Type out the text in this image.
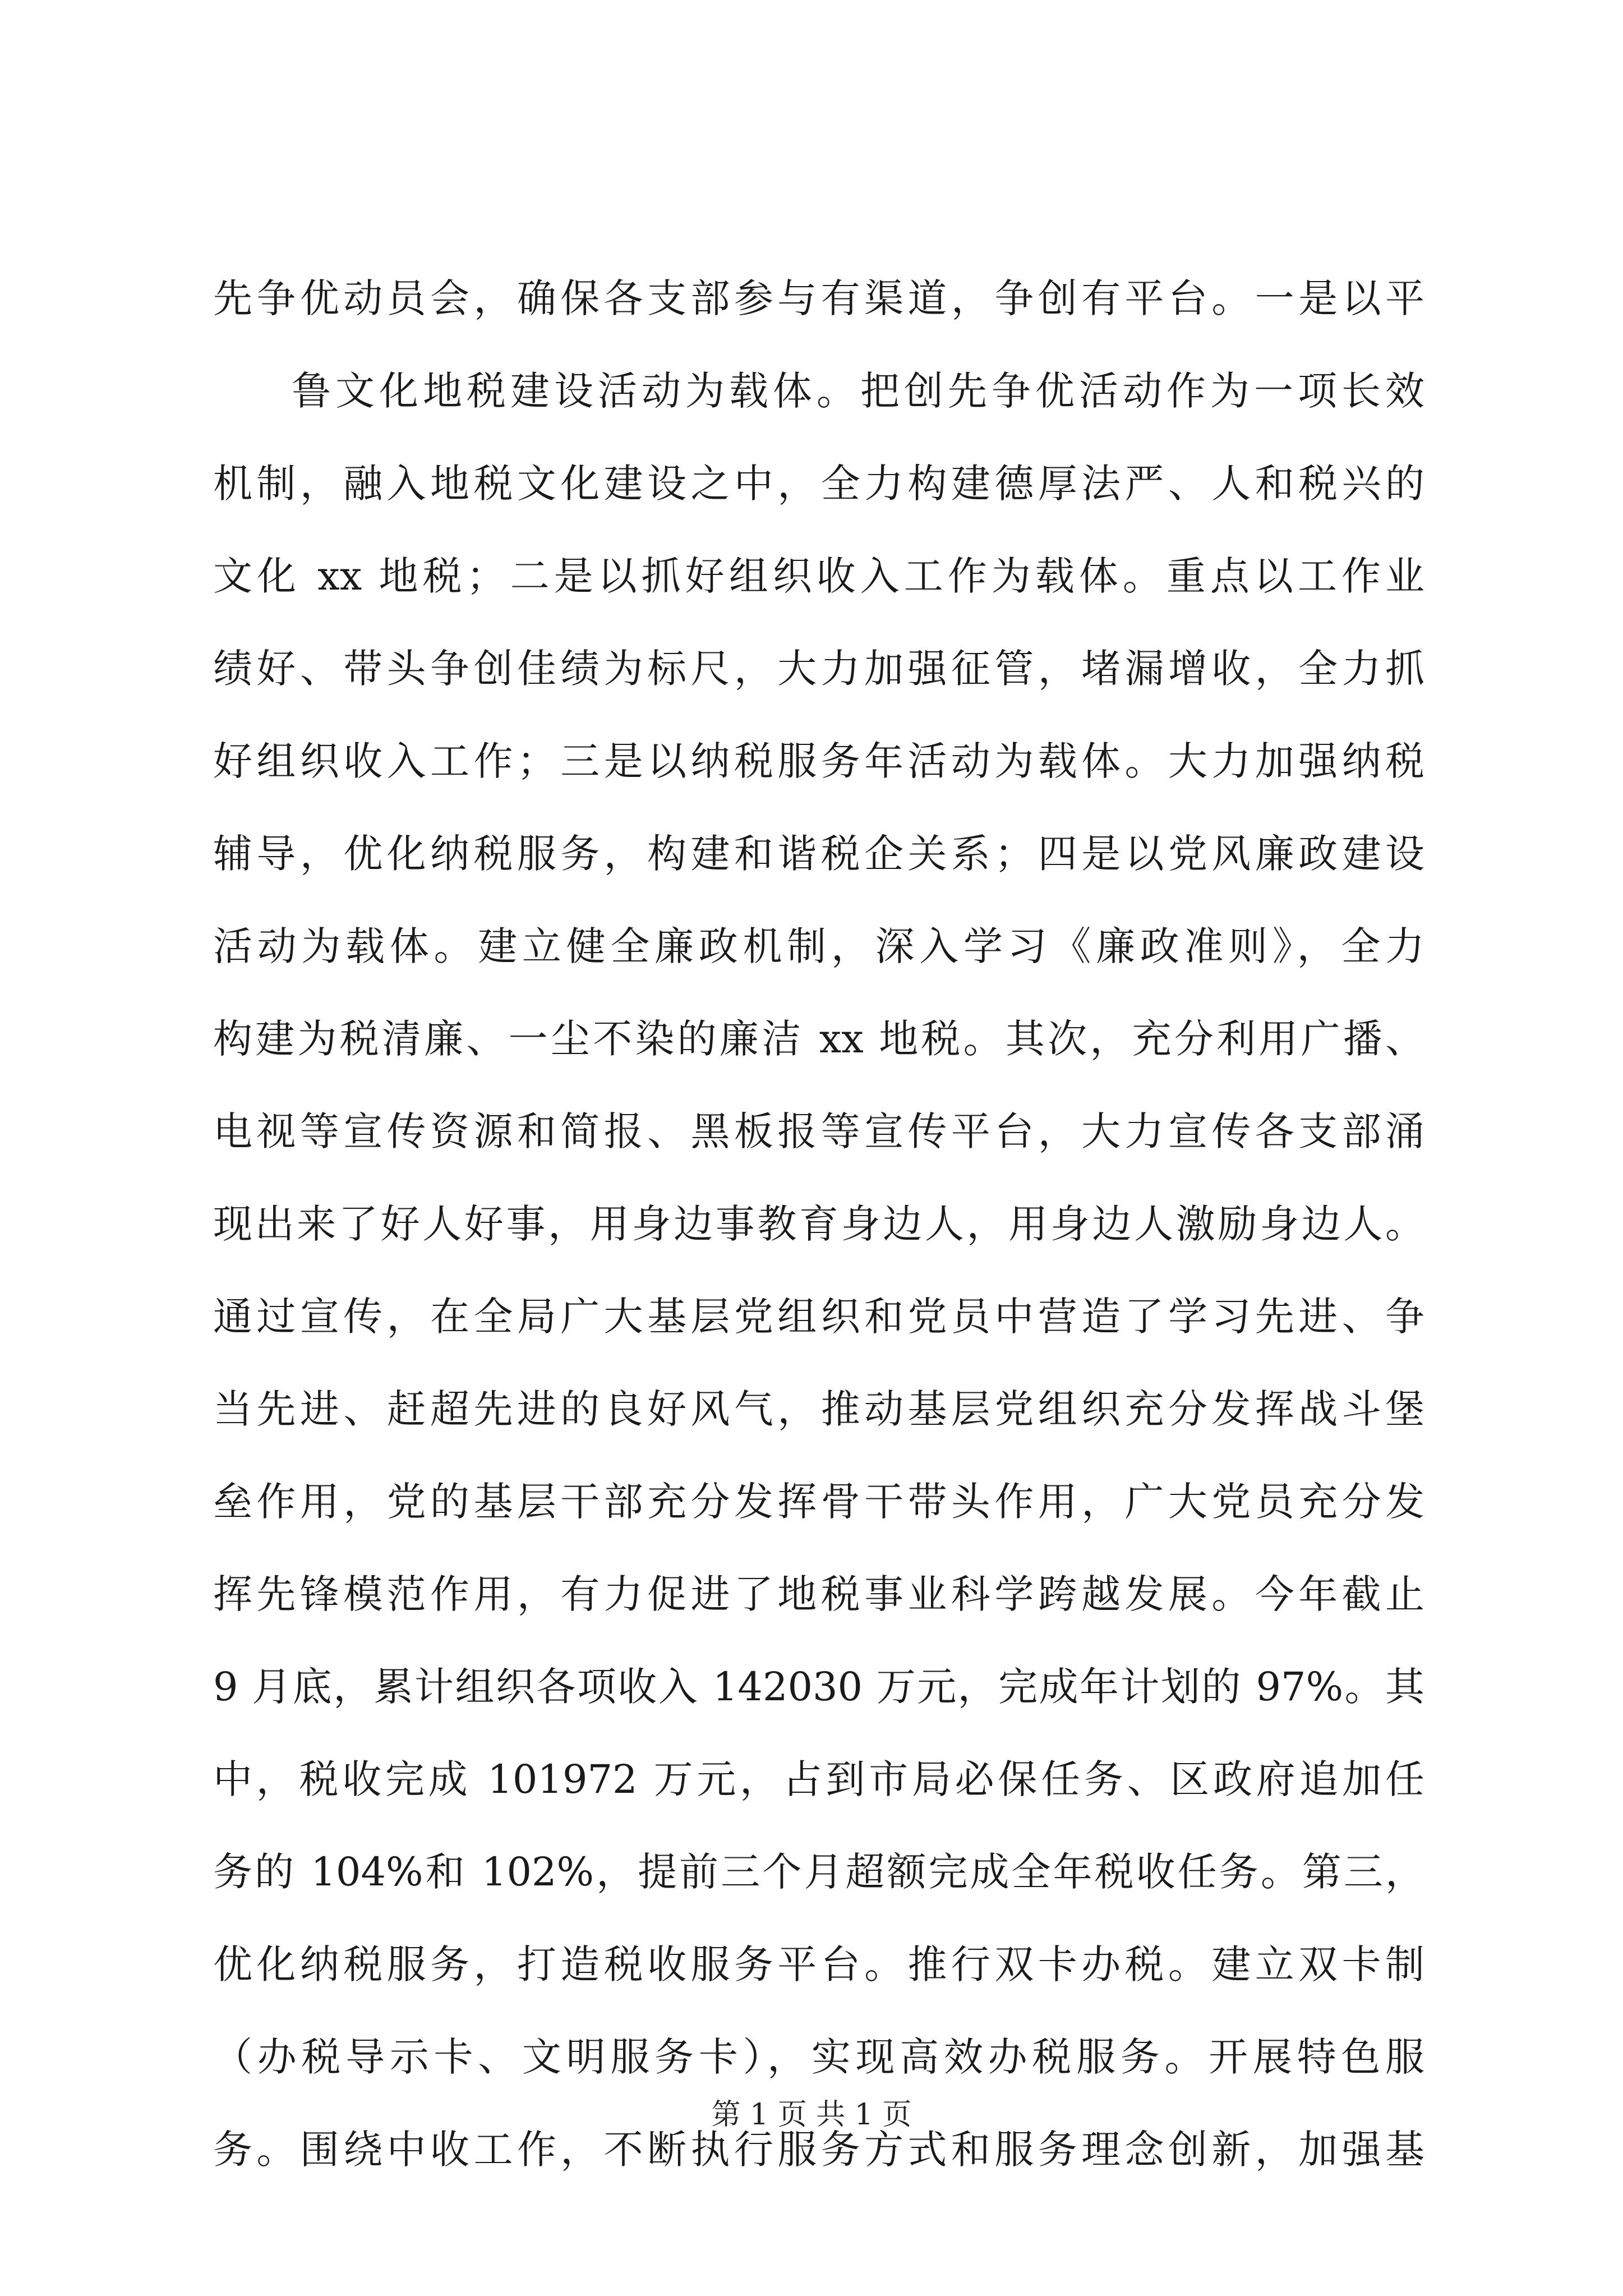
先争优动员会，确保各支部参与有渠道，争创有平台。一是以平
鲁文化地税建设活动为载体。把创先争优活动作为一项长效
机制，融入地税文化建设之中，全力构建德厚法严、人和税兴的
文化 xx 地税；二是以抓好组织收入工作为载体。重点以工作业
绩好、带头争创佳绩为标尺，大力加强征管，堵漏增收，全力抓
好组织收入工作；三是以纳税服务年活动为载体。大力加强纳税
辅导，优化纳税服务，构建和谐税企关系；四是以党风廉政建设
活动为载体。建立健全廉政机制，深入学习《廉政准则》，全力
构建为税清廉、一尘不染的廉洁 xx 地税。其次，充分利用广播、
电视等宣传资源和简报、黑板报等宣传平台，大力宣传各支部涌
现出来了好人好事，用身边事教育身边人，用身边人激励身边人。
通过宣传，在全局广大基层党组织和党员中营造了学习先进、争
当先进、赶超先进的良好风气，推动基层党组织充分发挥战斗堡
垒作用，党的基层干部充分发挥骨干带头作用，广大党员充分发
挥先锋模范作用，有力促进了地税事业科学跨越发展。今年截止
9 月底，累计组织各项收入 142030 万元，完成年计划的 97%。其
中，税收完成 101972 万元，占到市局必保任务、区政府追加任
务的 104%和 102%，提前三个月超额完成全年税收任务。第三，
优化纳税服务，打造税收服务平台。推行双卡办税。建立双卡制
（办税导示卡、文明服务卡），实现高效办税服务。开展特色服
务。围绕中收工作，不断执行服务方式和服务理念创新，加强基
第 1 页 共 1 页
